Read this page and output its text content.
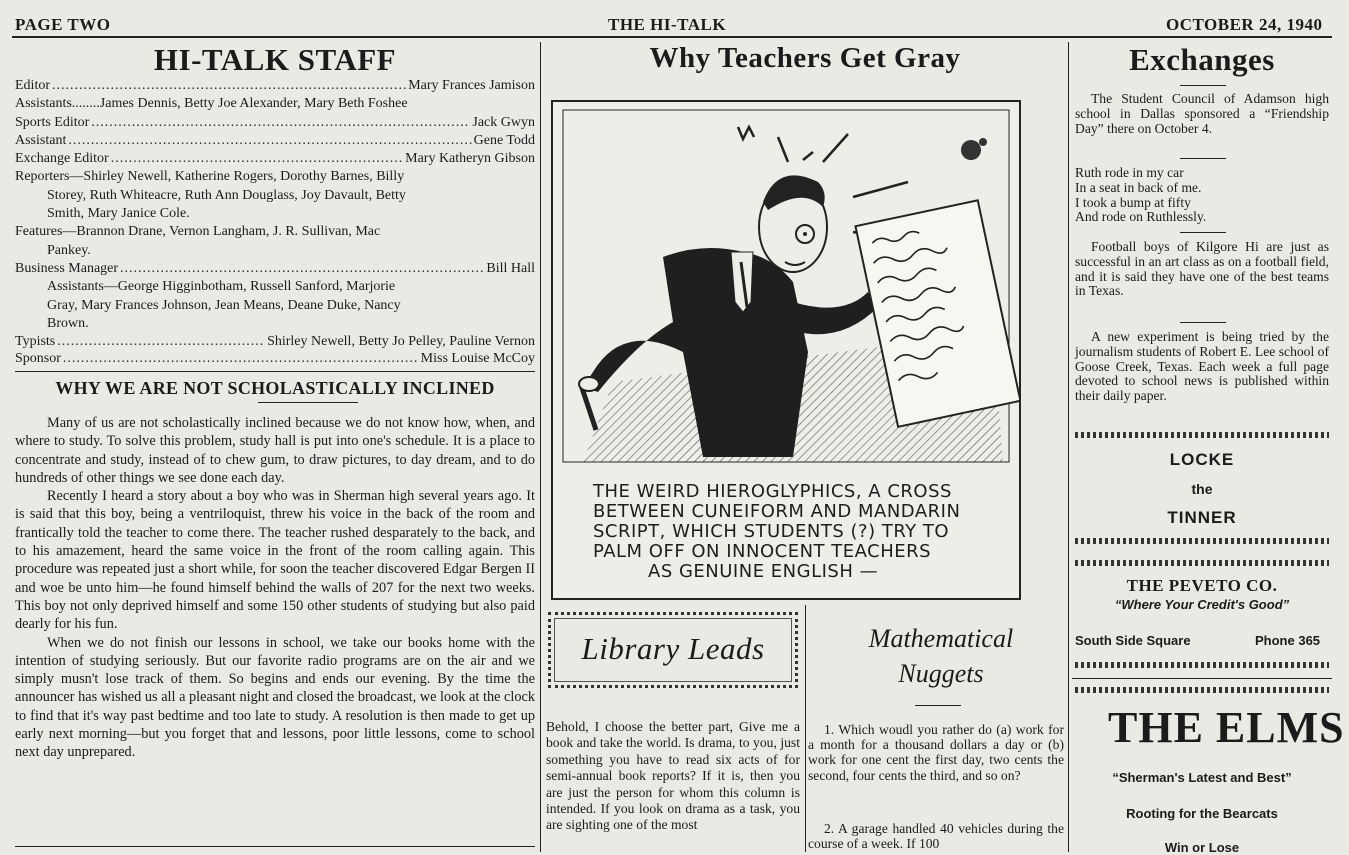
PAGE TWO	THE HI-TALK	OCTOBER 24, 1940
HI-TALK STAFF
Editor .....	Mary Frances Jamison
Assistants........James Dennis, Betty Joe Alexander, Mary Beth Foshee
Sports Editor .....	Jack Gwyn
Assistant .....	Gene Todd
Exchange Editor .....	Mary Katheryn Gibson
Reporters—Shirley Newell, Katherine Rogers, Dorothy Barnes, Billy
Storey, Ruth Whiteacre, Ruth Ann Douglass, Joy Davault, Betty
Smith, Mary Janice Cole.
Features—Brannon Drane, Vernon Langham, J. R. Sullivan, Mac
Pankey.
Business Manager .....	Bill Hall
Assistants—George Higginbotham, Russell Sanford, Marjorie
Gray, Mary Frances Johnson, Jean Means, Deane Duke, Nancy
Brown.
Typists .....	Shirley Newell, Betty Jo Pelley, Pauline Vernon
Sponsor .....	Miss Louise McCoy
WHY WE ARE NOT SCHOLASTICALLY INCLINED

Many of us are not scholastically inclined because we do not know how, when, and where to study. To solve this problem, study hall is put into one's schedule. It is a place to concentrate and study, instead of to chew gum, to draw pictures, to day dream, and to do hundreds of other things we see done each day.

Recently I heard a story about a boy who was in Sherman high several years ago. It is said that this boy, being a ventriloquist, threw his voice in the back of the room and frantically told the teacher to come there. The teacher rushed desparately to the back, and to his amazement, heard the same voice in the front of the room calling again. This procedure was repeated just a short while, for soon the teacher discovered Edgar Bergen II and woe be unto him—he found himself behind the walls of 207 for the next two weeks. This boy not only deprived himself and some 150 other students of studying but also paid dearly for his fun.

When we do not finish our lessons in school, we take our books home with the intention of studying seriously. But our favorite radio programs are on the air and we simply musn't lose track of them. So begins and ends our evening. By the time the announcer has wished us all a pleasant night and closed the broadcast, we look at the clock to find that it's way past bedtime and too late to study. A resolution is then made to get up early next morning—but you forget that and lessons, poor little lessons, come to school next day unprepared.

Why Teachers Get Gray
THE WEIRD HIEROGLYPHICS, A CROSS
BETWEEN CUNEIFORM AND MANDARIN
SCRIPT, WHICH STUDENTS (?) TRY TO
PALM OFF ON INNOCENT TEACHERS
AS GENUINE ENGLISH —
Library Leads
Behold, I choose the better part, Give me a book and take the world. Is drama, to you, just something you have to read six acts of for semi-annual book reports? If it is, then you are just the person for whom this column is intended. If you look on drama as a task, you are sighting one of the most
Mathematical
Nuggets
1. Which woudl you rather do (a) work for a month for a thousand dollars a day or (b) work for one cent the first day, two cents the second, four cents the third, and so on?
2. A garage handled 40 vehicles during the course of a week. If 100
Exchanges
The Student Council of Adamson high school in Dallas sponsored a “Friendship Day” there on October 4.
Ruth rode in my car
In a seat in back of me.
I took a bump at fifty
And rode on Ruthlessly.
Football boys of Kilgore Hi are just as successful in an art class as on a football field, and it is said they have one of the best teams in Texas.
A new experiment is being tried by the journalism students of Robert E. Lee school of Goose Creek, Texas. Each week a full page devoted to school news is published within their daily paper.
LOCKE
the
TINNER
THE PEVETO CO.
“Where Your Credit's Good”
South Side Square	Phone 365
THE ELMS
“Sherman's Latest and Best”
Rooting for the Bearcats
Win or Lose
